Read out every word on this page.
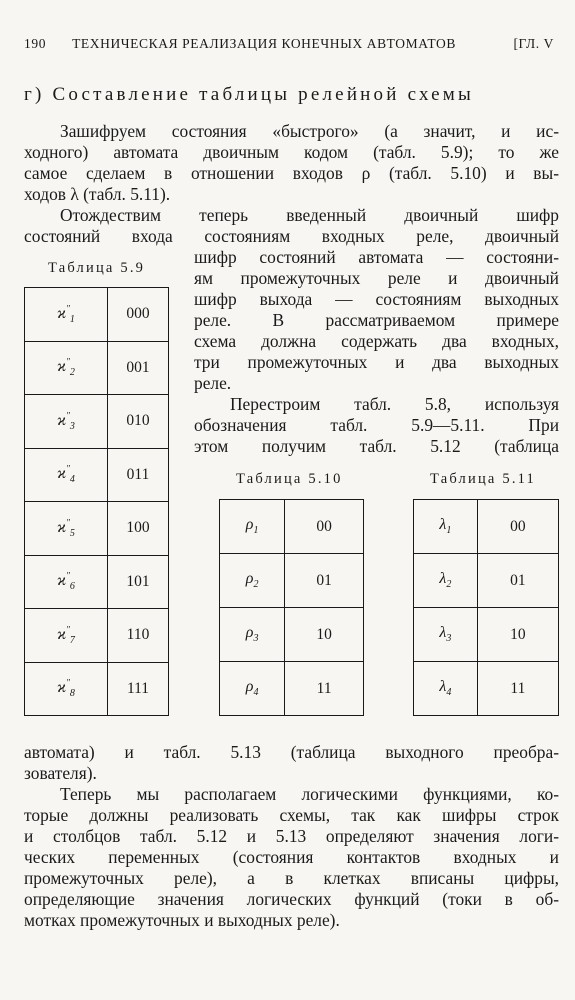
190 ТЕХНИЧЕСКАЯ РЕАЛИЗАЦИЯ КОНЕЧНЫХ АВТОМАТОВ	[ГЛ. V
г) Составление таблицы релейной схемы
Зашифруем состояния «быстрого» (а значит, и ис-
ходного) автомата двоичным кодом (табл. 5.9); то же
самое сделаем в отношении входов ρ (табл. 5.10) и вы-
ходов λ (табл. 5.11).
Отождествим теперь введенный двоичный шифр
состояний входа состояниям входных реле, двоичный
шифр состояний автомата — состояни-
ям промежуточных реле и двоичный
шифр выхода — состояниям выходных
реле. В рассматриваемом примере
схема должна содержать два входных,
три промежуточных и два выходных
реле.
Перестроим табл. 5.8, используя
обозначения табл. 5.9—5.11. При
этом получим табл. 5.12 (таблица
Таблица 5.9
$ϰ''_1$	000
$ϰ''_2$	001
$ϰ''_3$	010
$ϰ''_4$	011
$ϰ''_5$	100
$ϰ''_6$	101
$ϰ''_7$	110
$ϰ''_8$	111
Таблица 5.10
$\rho_1$	00
$\rho_2$	01
$\rho_3$	10
$\rho_4$	11
Таблица 5.11
$\lambda_1$	00
$\lambda_2$	01
$\lambda_3$	10
$\lambda_4$	11
автомата) и табл. 5.13 (таблица выходного преобра-
зователя).
Теперь мы располагаем логическими функциями, ко-
торые должны реализовать схемы, так как шифры строк
и столбцов табл. 5.12 и 5.13 определяют значения логи-
ческих переменных (состояния контактов входных и
промежуточных реле), а в клетках вписаны цифры,
определяющие значения логических функций (токи в об-
мотках промежуточных и выходных реле).
